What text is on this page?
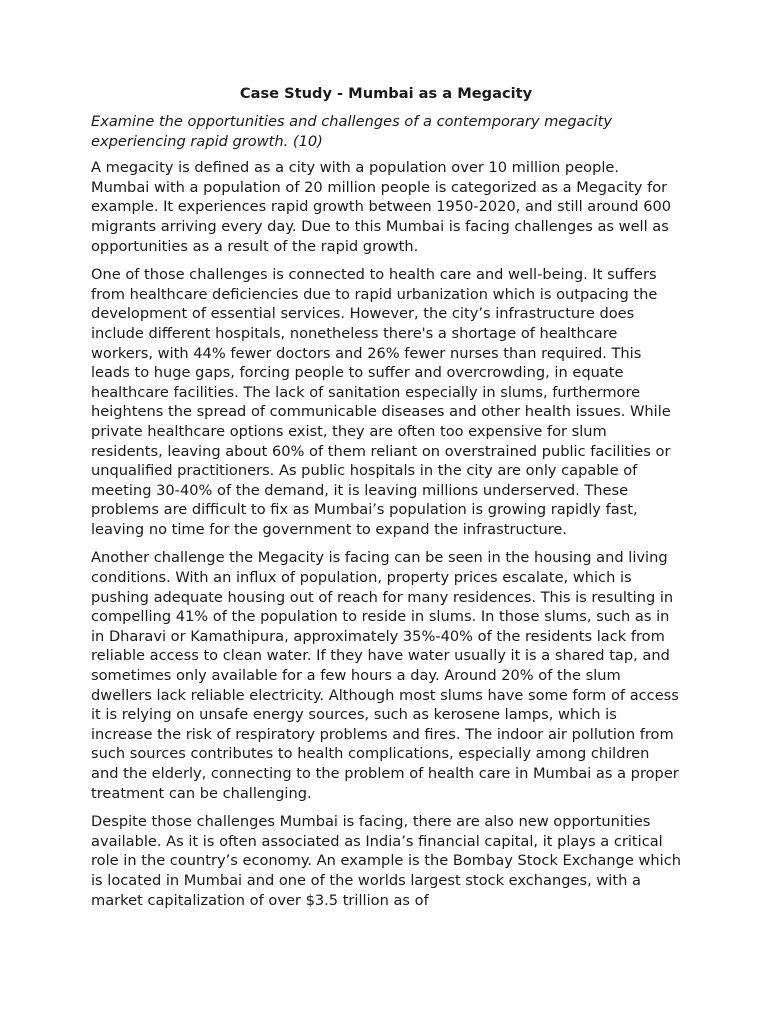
Case Study - Mumbai as a Megacity
Examine the opportunities and challenges of a contemporary megacity experiencing rapid growth. (10)

A megacity is defined as a city with a population over 10 million people. Mumbai with a population of 20 million people is categorized as a Megacity for example. It experiences rapid growth between 1950-2020, and still around 600 migrants arriving every day. Due to this Mumbai is facing challenges as well as opportunities as a result of the rapid growth.

One of those challenges is connected to health care and well-being. It suffers from healthcare deficiencies due to rapid urbanization which is outpacing the development of essential services. However, the city’s infrastructure does include different hospitals, nonetheless there's a shortage of healthcare workers, with 44% fewer doctors and 26% fewer nurses than required. This leads to huge gaps, forcing people to suffer and overcrowding, in equate healthcare facilities. The lack of sanitation especially in slums, furthermore heightens the spread of communicable diseases and other health issues. While private healthcare options exist, they are often too expensive for slum residents, leaving about 60% of them reliant on overstrained public facilities or unqualified practitioners. As public hospitals in the city are only capable of meeting 30-40% of the demand, it is leaving millions underserved. These problems are difficult to fix as Mumbai’s population is growing rapidly fast, leaving no time for the government to expand the infrastructure.

Another challenge the Megacity is facing can be seen in the housing and living conditions. With an influx of population, property prices escalate, which is pushing adequate housing out of reach for many residences. This is resulting in compelling 41% of the population to reside in slums. In those slums, such as in in Dharavi or Kamathipura, approximately 35%-40% of the residents lack from reliable access to clean water. If they have water usually it is a shared tap, and sometimes only available for a few hours a day. Around 20% of the slum dwellers lack reliable electricity. Although most slums have some form of access it is relying on unsafe energy sources, such as kerosene lamps, which is increase the risk of respiratory problems and fires. The indoor air pollution from such sources contributes to health complications, especially among children and the elderly, connecting to the problem of health care in Mumbai as a proper treatment can be challenging.

Despite those challenges Mumbai is facing, there are also new opportunities available. As it is often associated as India’s financial capital, it plays a critical role in the country’s economy. An example is the Bombay Stock Exchange which is located in Mumbai and one of the worlds largest stock exchanges, with a market capitalization of over $3.5 trillion as of
